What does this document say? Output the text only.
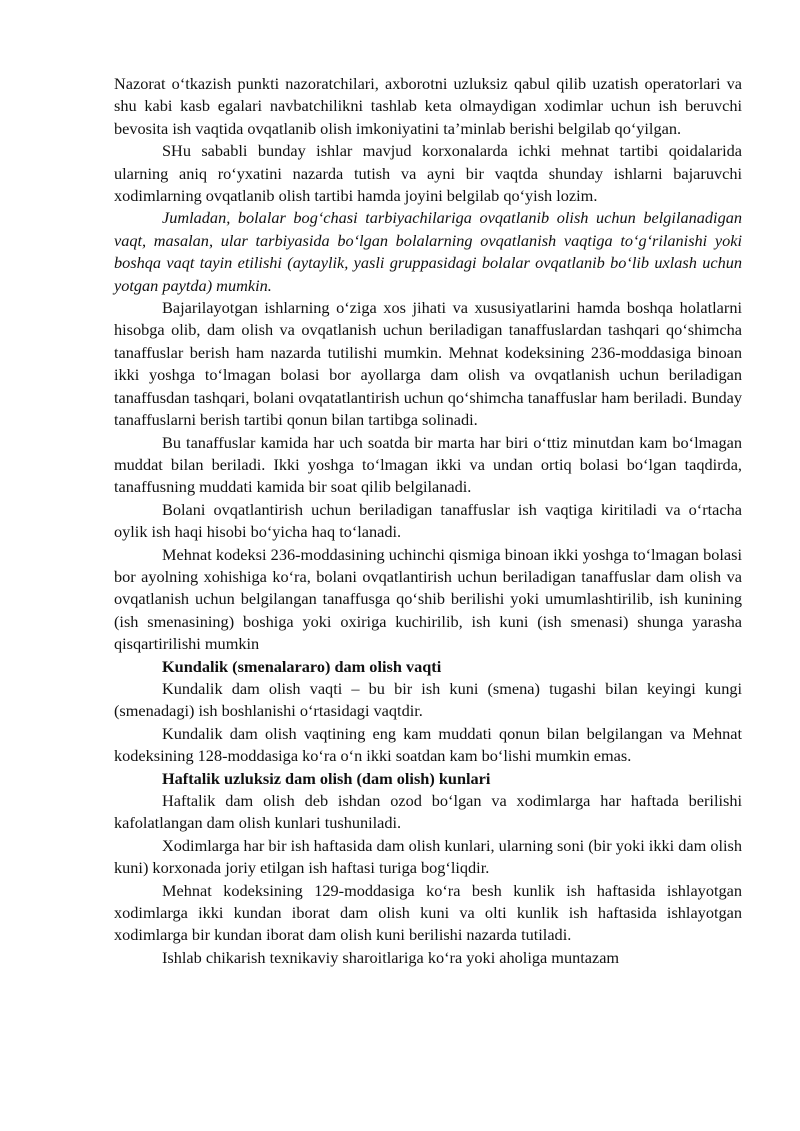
Nazorat o‘tkazish punkti nazoratchilari, axborotni uzluksiz qabul qilib uzatish operatorlari va shu kabi kasb egalari navbatchilikni tashlab keta olmaydigan xodimlar uchun ish beruvchi bevosita ish vaqtida ovqatlanib olish imkoniyatini ta’minlab berishi belgilab qo‘yilgan.

SHu sababli bunday ishlar mavjud korxonalarda ichki mehnat tartibi qoidalarida ularning aniq ro‘yxatini nazarda tutish va ayni bir vaqtda shunday ishlarni bajaruvchi xodimlarning ovqatlanib olish tartibi hamda joyini belgilab qo‘yish lozim.

Jumladan, bolalar bog‘chasi tarbiyachilariga ovqatlanib olish uchun belgilanadigan vaqt, masalan, ular tarbiyasida bo‘lgan bolalarning ovqatlanish vaqtiga to‘g‘rilanishi yoki boshqa vaqt tayin etilishi (aytaylik, yasli gruppasidagi bolalar ovqatlanib bo‘lib uxlash uchun yotgan paytda) mumkin.

Bajarilayotgan ishlarning o‘ziga xos jihati va xususiyatlarini hamda boshqa holatlarni hisobga olib, dam olish va ovqatlanish uchun beriladigan tanaffuslardan tashqari qo‘shimcha tanaffuslar berish ham nazarda tutilishi mumkin. Mehnat kodeksining 236-moddasiga binoan ikki yoshga to‘lmagan bolasi bor ayollarga dam olish va ovqatlanish uchun beriladigan tanaffusdan tashqari, bolani ovqatatlantirish uchun qo‘shimcha tanaffuslar ham beriladi. Bunday tanaffuslarni berish tartibi qonun bilan tartibga solinadi.

Bu tanaffuslar kamida har uch soatda bir marta har biri o‘ttiz minutdan kam bo‘lmagan muddat bilan beriladi. Ikki yoshga to‘lmagan ikki va undan ortiq bolasi bo‘lgan taqdirda, tanaffusning muddati kamida bir soat qilib belgilanadi.

Bolani ovqatlantirish uchun beriladigan tanaffuslar ish vaqtiga kiritiladi va o‘rtacha oylik ish haqi hisobi bo‘yicha haq to‘lanadi.

Mehnat kodeksi 236-moddasining uchinchi qismiga binoan ikki yoshga to‘lmagan bolasi bor ayolning xohishiga ko‘ra, bolani ovqatlantirish uchun beriladigan tanaffuslar dam olish va ovqatlanish uchun belgilangan tanaffusga qo‘shib berilishi yoki umumlashtirilib, ish kunining (ish smenasining) boshiga yoki oxiriga kuchirilib, ish kuni (ish smenasi) shunga yarasha qisqartirilishi mumkin

Kundalik (smenalararo) dam olish vaqti

Kundalik dam olish vaqti – bu bir ish kuni (smena) tugashi bilan keyingi kungi (smenadagi) ish boshlanishi o‘rtasidagi vaqtdir.

Kundalik dam olish vaqtining eng kam muddati qonun bilan belgilangan va Mehnat kodeksining 128-moddasiga ko‘ra o‘n ikki soatdan kam bo‘lishi mumkin emas.

Haftalik uzluksiz dam olish (dam olish) kunlari

Haftalik dam olish deb ishdan ozod bo‘lgan va xodimlarga har haftada berilishi kafolatlangan dam olish kunlari tushuniladi.

Xodimlarga har bir ish haftasida dam olish kunlari, ularning soni (bir yoki ikki dam olish kuni) korxonada joriy etilgan ish haftasi turiga bog‘liqdir.

Mehnat kodeksining 129-moddasiga ko‘ra besh kunlik ish haftasida ishlayotgan xodimlarga ikki kundan iborat dam olish kuni va olti kunlik ish haftasida ishlayotgan xodimlarga bir kundan iborat dam olish kuni berilishi nazarda tutiladi.

Ishlab chikarish texnikaviy sharoitlariga ko‘ra yoki aholiga muntazam
